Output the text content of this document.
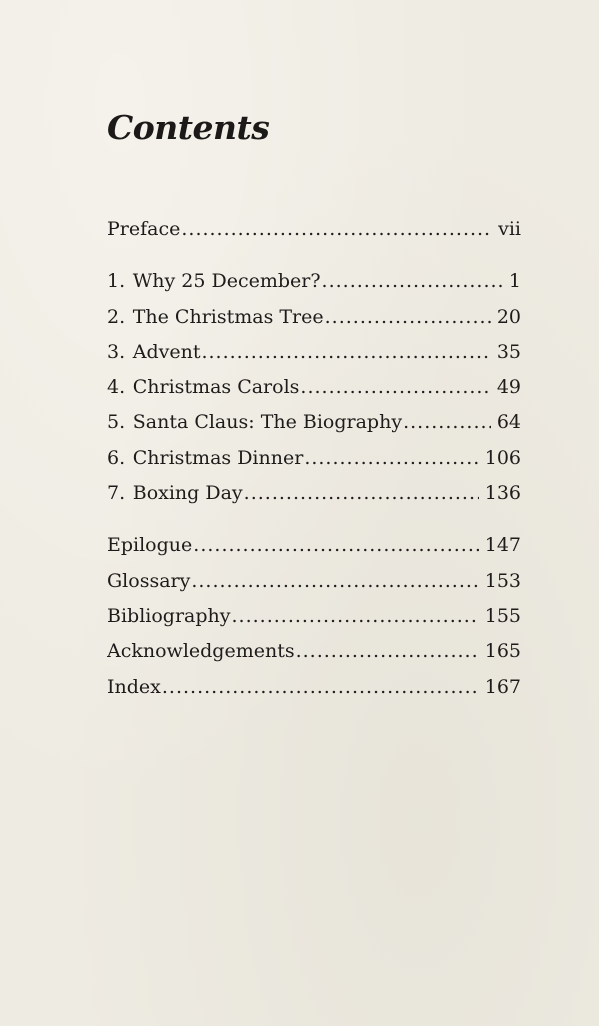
Contents
Preface .....	vii
1. Why 25 December? .....	1
2. The Christmas Tree .....	20
3. Advent .....	35
4. Christmas Carols .....	49
5. Santa Claus: The Biography .....	64
6. Christmas Dinner .....	106
7. Boxing Day .....	136
Epilogue .....	147
Glossary .....	153
Bibliography .....	155
Acknowledgements .....	165
Index .....	167
